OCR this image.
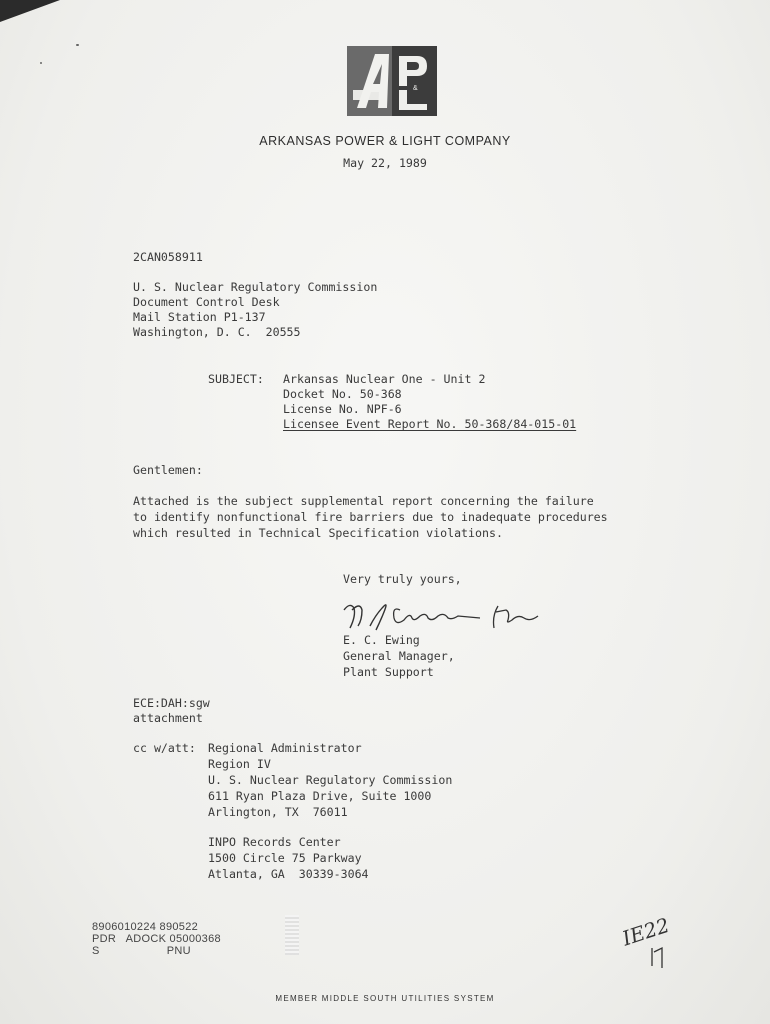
&
ARKANSAS POWER & LIGHT COMPANY
May 22, 1989
2CAN058911
U. S. Nuclear Regulatory Commission
Document Control Desk
Mail Station P1-137
Washington, D. C.  20555
SUBJECT: Arkansas Nuclear One - Unit 2
Docket No. 50-368
License No. NPF-6
Licensee Event Report No. 50-368/84-015-01
Gentlemen:
Attached is the subject supplemental report concerning the failure
to identify nonfunctional fire barriers due to inadequate procedures
which resulted in Technical Specification violations.
Very truly yours,
E. C. Ewing
General Manager,
Plant Support
ECE:DAH:sgw
attachment
cc w/att: Regional Administrator
Region IV
U. S. Nuclear Regulatory Commission
611 Ryan Plaza Drive, Suite 1000
Arlington, TX  76011
INPO Records Center
1500 Circle 75 Parkway
Atlanta, GA  30339-3064
8906010224 890522
PDR   ADOCK 05000368
S                    PNU
IE22
MEMBER MIDDLE SOUTH UTILITIES SYSTEM
